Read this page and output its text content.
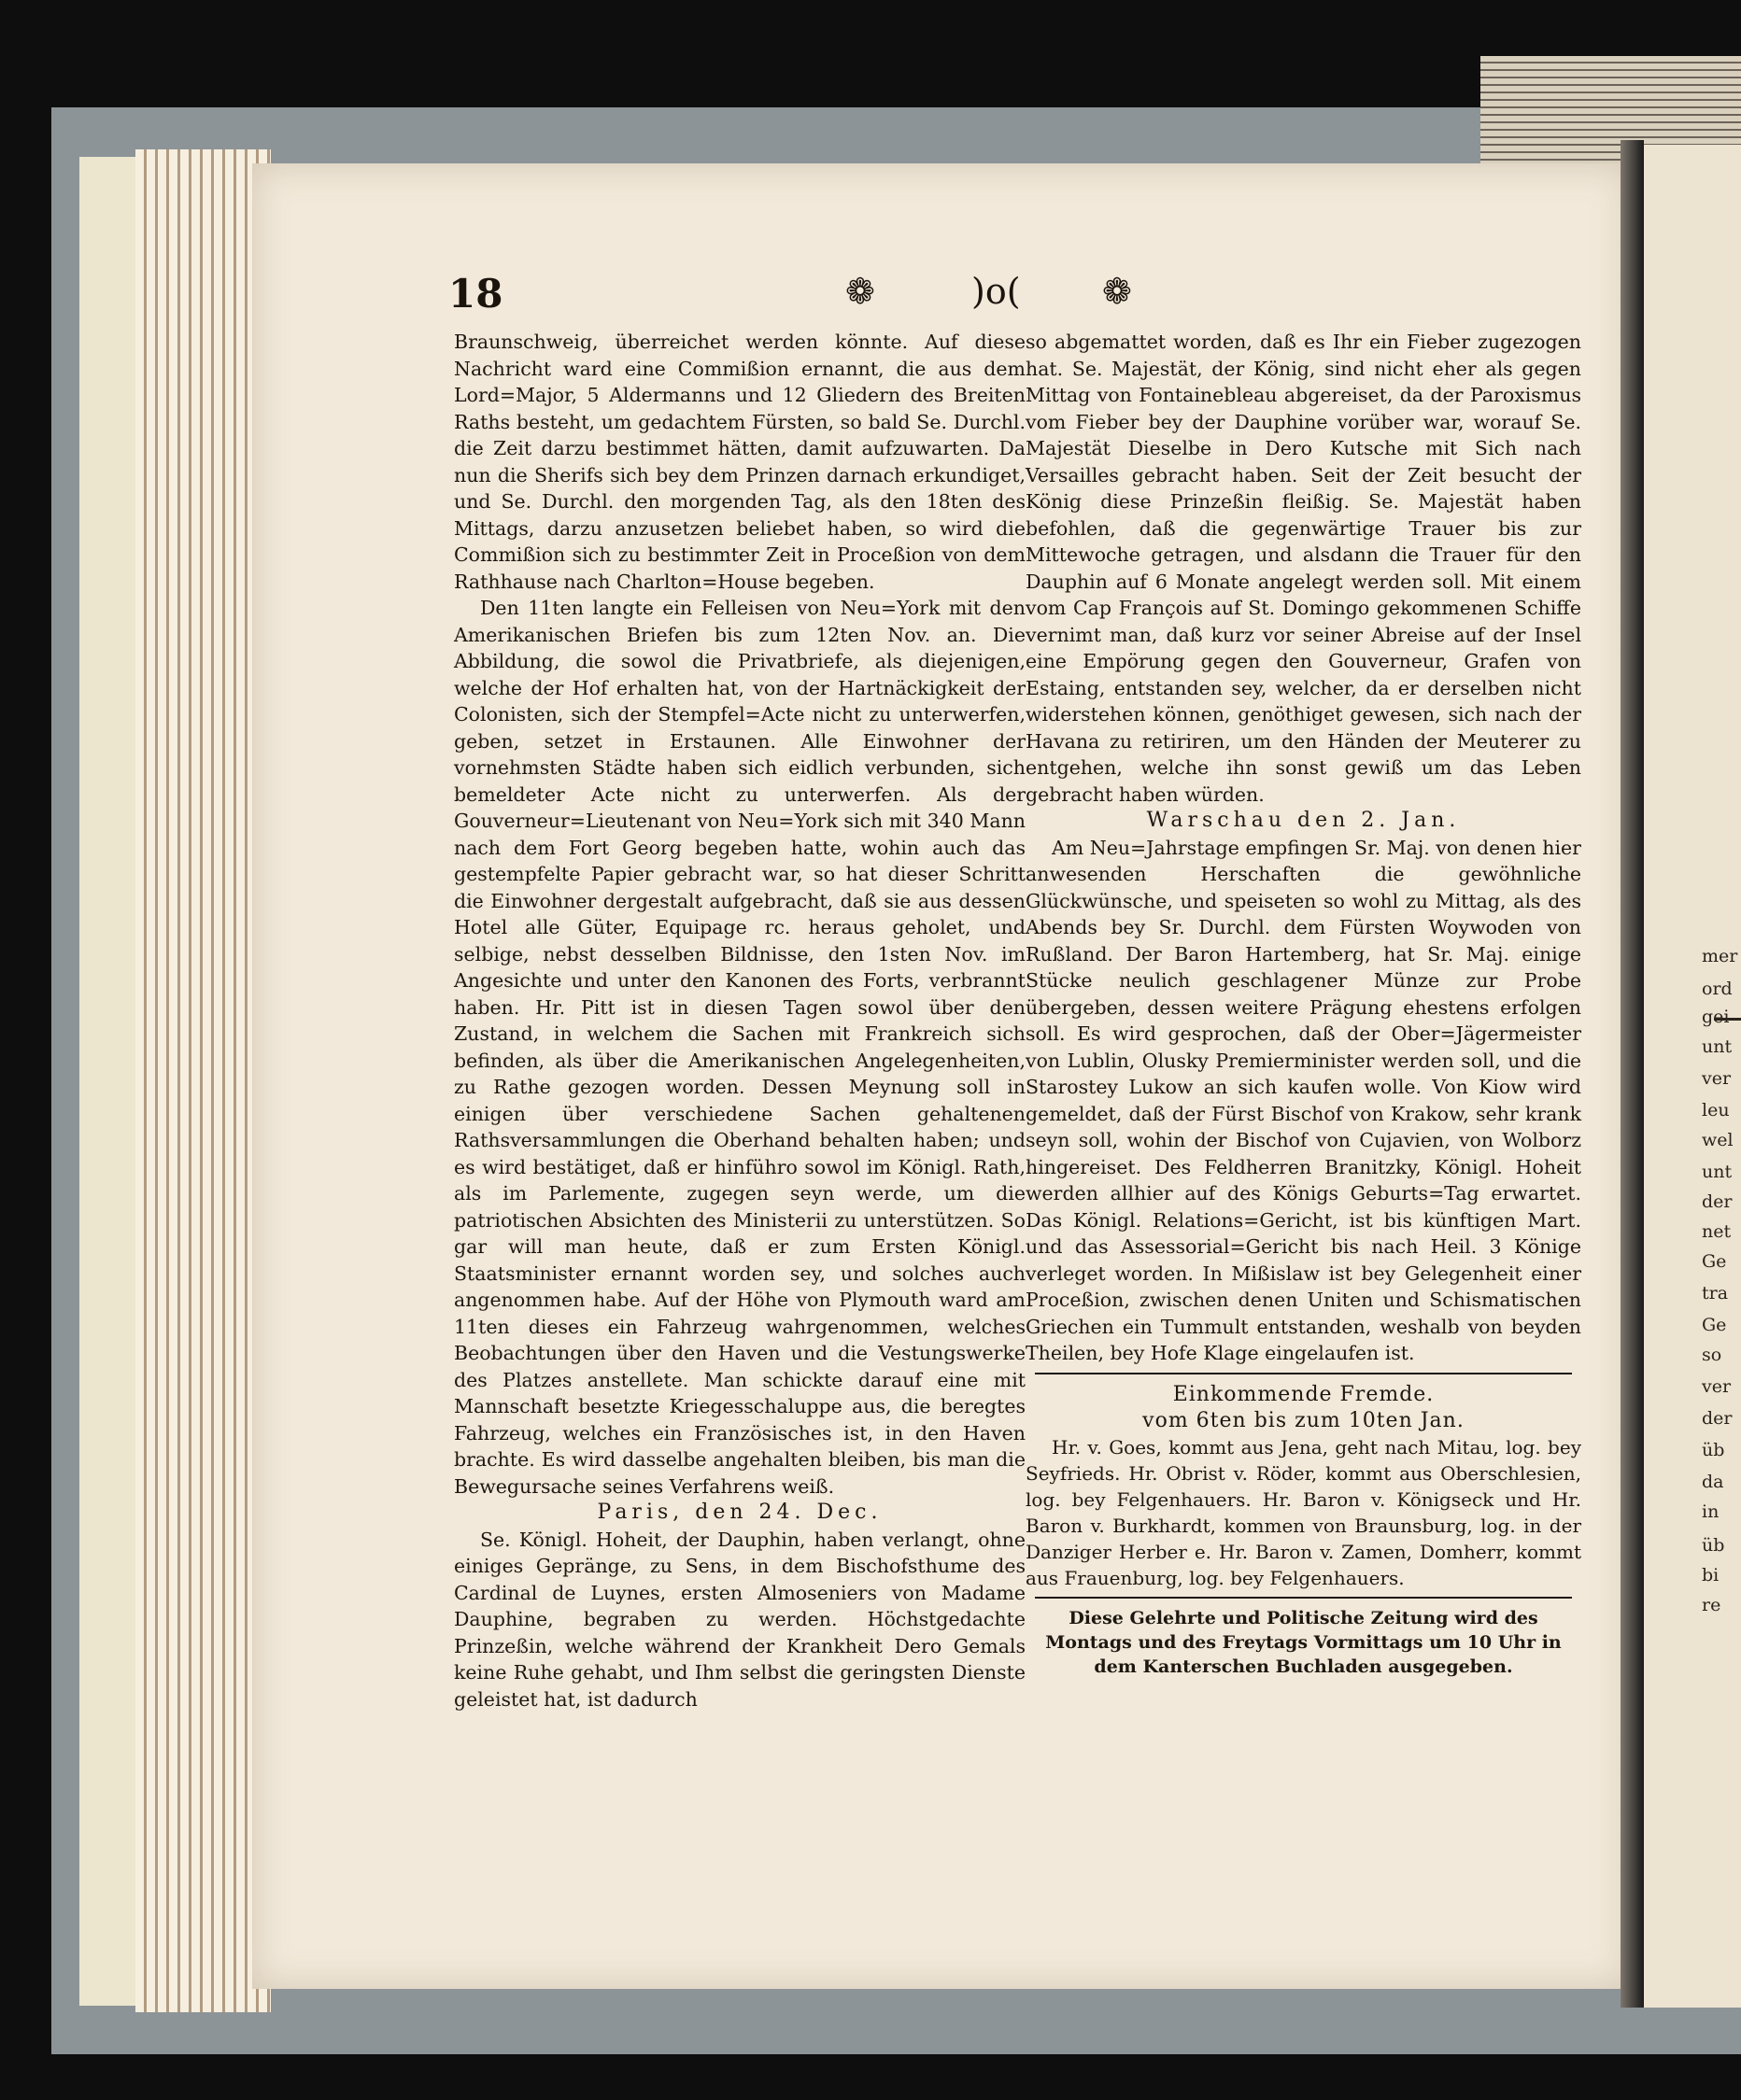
mer
ord
gei
unt
ver
leu
wel
unt
der
net
Ge
tra
Ge
so
ver
der
üb
da
in
üb
bi
re
18	❁	)o( ❁

Braunschweig, überreichet werden könnte. Auf diese Nachricht ward eine Commißion ernannt, die aus dem Lord=Major, 5 Aldermanns und 12 Gliedern des Breiten Raths besteht, um gedachtem Fürsten, so bald Se. Durchl. die Zeit darzu bestimmet hätten, damit aufzuwarten. Da nun die Sherifs sich bey dem Prinzen darnach erkundiget, und Se. Durchl. den morgenden Tag, als den 18ten des Mittags, darzu anzusetzen beliebet haben, so wird die Commißion sich zu bestimmter Zeit in Proceßion von dem Rathhause nach Charlton=House begeben.

Den 11ten langte ein Felleisen von Neu=York mit den Amerikanischen Briefen bis zum 12ten Nov. an. Die Abbildung, die sowol die Privatbriefe, als diejenigen, welche der Hof erhalten hat, von der Hartnäckigkeit der Colonisten, sich der Stempfel=Acte nicht zu unterwerfen, geben, setzet in Erstaunen. Alle Einwohner der vornehmsten Städte haben sich eidlich verbunden, sich bemeldeter Acte nicht zu unterwerfen. Als der Gouverneur=Lieutenant von Neu=York sich mit 340 Mann nach dem Fort Georg begeben hatte, wohin auch das gestempfelte Papier gebracht war, so hat dieser Schritt die Einwohner dergestalt aufgebracht, daß sie aus dessen Hotel alle Güter, Equipage rc. heraus geholet, und selbige, nebst desselben Bildnisse, den 1sten Nov. im Angesichte und unter den Kanonen des Forts, verbrannt haben. Hr. Pitt ist in diesen Tagen sowol über den Zustand, in welchem die Sachen mit Frankreich sich befinden, als über die Amerikanischen Angelegenheiten, zu Rathe gezogen worden. Dessen Meynung soll in einigen über verschiedene Sachen gehaltenen Rathsversammlungen die Oberhand behalten haben; und es wird bestätiget, daß er hinführo sowol im Königl. Rath, als im Parlemente, zugegen seyn werde, um die patriotischen Absichten des Ministerii zu unterstützen. So gar will man heute, daß er zum Ersten Königl. Staatsminister ernannt worden sey, und solches auch angenommen habe. Auf der Höhe von Plymouth ward am 11ten dieses ein Fahrzeug wahrgenommen, welches Beobachtungen über den Haven und die Vestungswerke des Platzes anstellete. Man schickte darauf eine mit Mannschaft besetzte Kriegesschaluppe aus, die beregtes Fahrzeug, welches ein Französisches ist, in den Haven brachte. Es wird dasselbe angehalten bleiben, bis man die Bewegursache seines Verfahrens weiß.

Paris, den 24. Dec.

Se. Königl. Hoheit, der Dauphin, haben verlangt, ohne einiges Gepränge, zu Sens, in dem Bischofsthume des Cardinal de Luynes, ersten Almoseniers von Madame Dauphine, begraben zu werden. Höchstgedachte Prinzeßin, welche während der Krankheit Dero Gemals keine Ruhe gehabt, und Ihm selbst die geringsten Dienste geleistet hat, ist dadurch

so abgemattet worden, daß es Ihr ein Fieber zugezogen hat. Se. Majestät, der König, sind nicht eher als gegen Mittag von Fontainebleau abgereiset, da der Paroxismus vom Fieber bey der Dauphine vorüber war, worauf Se. Majestät Dieselbe in Dero Kutsche mit Sich nach Versailles gebracht haben. Seit der Zeit besucht der König diese Prinzeßin fleißig. Se. Majestät haben befohlen, daß die gegenwärtige Trauer bis zur Mittewoche getragen, und alsdann die Trauer für den Dauphin auf 6 Monate angelegt werden soll. Mit einem vom Cap François auf St. Domingo gekommenen Schiffe vernimt man, daß kurz vor seiner Abreise auf der Insel eine Empörung gegen den Gouverneur, Grafen von Estaing, entstanden sey, welcher, da er derselben nicht widerstehen können, genöthiget gewesen, sich nach der Havana zu retiriren, um den Händen der Meuterer zu entgehen, welche ihn sonst gewiß um das Leben gebracht haben würden.

Warschau den 2. Jan.

Am Neu=Jahrstage empfingen Sr. Maj. von denen hier anwesenden Herschaften die gewöhnliche Glückwünsche, und speiseten so wohl zu Mittag, als des Abends bey Sr. Durchl. dem Fürsten Woywoden von Rußland. Der Baron Hartemberg, hat Sr. Maj. einige Stücke neulich geschlagener Münze zur Probe übergeben, dessen weitere Prägung ehestens erfolgen soll. Es wird gesprochen, daß der Ober=Jägermeister von Lublin, Olusky Premierminister werden soll, und die Starostey Lukow an sich kaufen wolle. Von Kiow wird gemeldet, daß der Fürst Bischof von Krakow, sehr krank seyn soll, wohin der Bischof von Cujavien, von Wolborz hingereiset. Des Feldherren Branitzky, Königl. Hoheit werden allhier auf des Königs Geburts=Tag erwartet. Das Königl. Relations=Gericht, ist bis künftigen Mart. und das Assessorial=Gericht bis nach Heil. 3 Könige verleget worden. In Mißislaw ist bey Gelegenheit einer Proceßion, zwischen denen Uniten und Schismatischen Griechen ein Tummult entstanden, weshalb von beyden Theilen, bey Hofe Klage eingelaufen ist.

Einkommende Fremde.

vom 6ten bis zum 10ten Jan.

Hr. v. Goes, kommt aus Jena, geht nach Mitau, log. bey Seyfrieds. Hr. Obrist v. Röder, kommt aus Oberschlesien, log. bey Felgenhauers. Hr. Baron v. Königseck und Hr. Baron v. Burkhardt, kommen von Braunsburg, log. in der Danziger Herber e. Hr. Baron v. Zamen, Domherr, kommt aus Frauenburg, log. bey Felgenhauers.

Diese Gelehrte und Politische Zeitung wird des Montags und des Freytags Vormittags um 10 Uhr in dem Kanterschen Buchladen ausgegeben.
